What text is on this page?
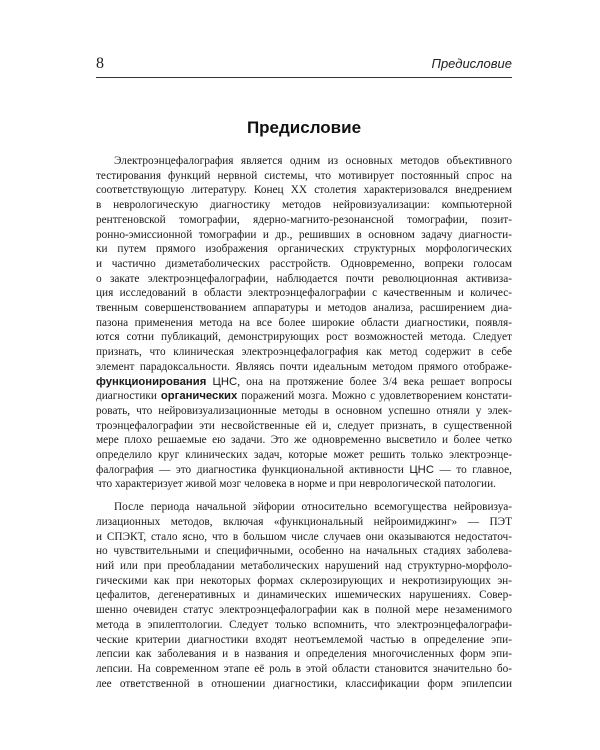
8	Предисловие
Предисловие
Электроэнцефалография является одним из основных методов объективного
тестирования функций нервной системы, что мотивирует постоянный спрос на
соответствующую литературу. Конец XX столетия характеризовался внедрением
в неврологическую диагностику методов нейровизуализации: компьютерной
рентгеновской томографии, ядерно-магнито-резонансной томографии, позит-
ронно-эмиссионной томографии и др., решивших в основном задачу диагности-
ки путем прямого изображения органических структурных морфологических
и частично дизметаболических расстройств. Одновременно, вопреки голосам
о закате электроэнцефалографии, наблюдается почти революционная активиза-
ция исследований в области электроэнцефалографии с качественным и количес-
твенным совершенствованием аппаратуры и методов анализа, расширением диа-
пазона применения метода на все более широкие области диагностики, появля-
ются сотни публикаций, демонстрирующих рост возможностей метода. Следует
признать, что клиническая электроэнцефалография как метод содержит в себе
элемент парадоксальности. Являясь почти идеальным методом прямого отображе-
функционирования ЦНС, она на протяжение более 3/4 века решает вопросы
диагностики органических поражений мозга. Можно с удовлетворением констати-
ровать, что нейровизуализационные методы в основном успешно отняли у элек-
троэнцефалографии эти несвойственные ей и, следует признать, в существенной
мере плохо решаемые ею задачи. Это же одновременно высветило и более четко
определило круг клинических задач, которые может решить только электроэнце-
фалография — это диагностика функциональной активности ЦНС — то главное,
что характеризует живой мозг человека в норме и при неврологической патологии.
После периода начальной эйфории относительно всемогущества нейровизуа-
лизационных методов, включая «функциональный нейроимиджинг» — ПЭТ
и СПЭКТ, стало ясно, что в большом числе случаев они оказываются недостаточ-
но чувствительными и специфичными, особенно на начальных стадиях заболева-
ний или при преобладании метаболических нарушений над структурно-морфоло-
гическими как при некоторых формах склерозирующих и некротизирующих эн-
цефалитов, дегенеративных и динамических ишемических нарушениях. Совер-
шенно очевиден статус электроэнцефалографии как в полной мере незаменимого
метода в эпилептологии. Следует только вспомнить, что электроэнцефалографи-
ческие критерии диагностики входят неотъемлемой частью в определение эпи-
лепсии как заболевания и в названия и определения многочисленных форм эпи-
лепсии. На современном этапе её роль в этой области становится значительно бо-
лее ответственной в отношении диагностики, классификации форм эпилепсии
